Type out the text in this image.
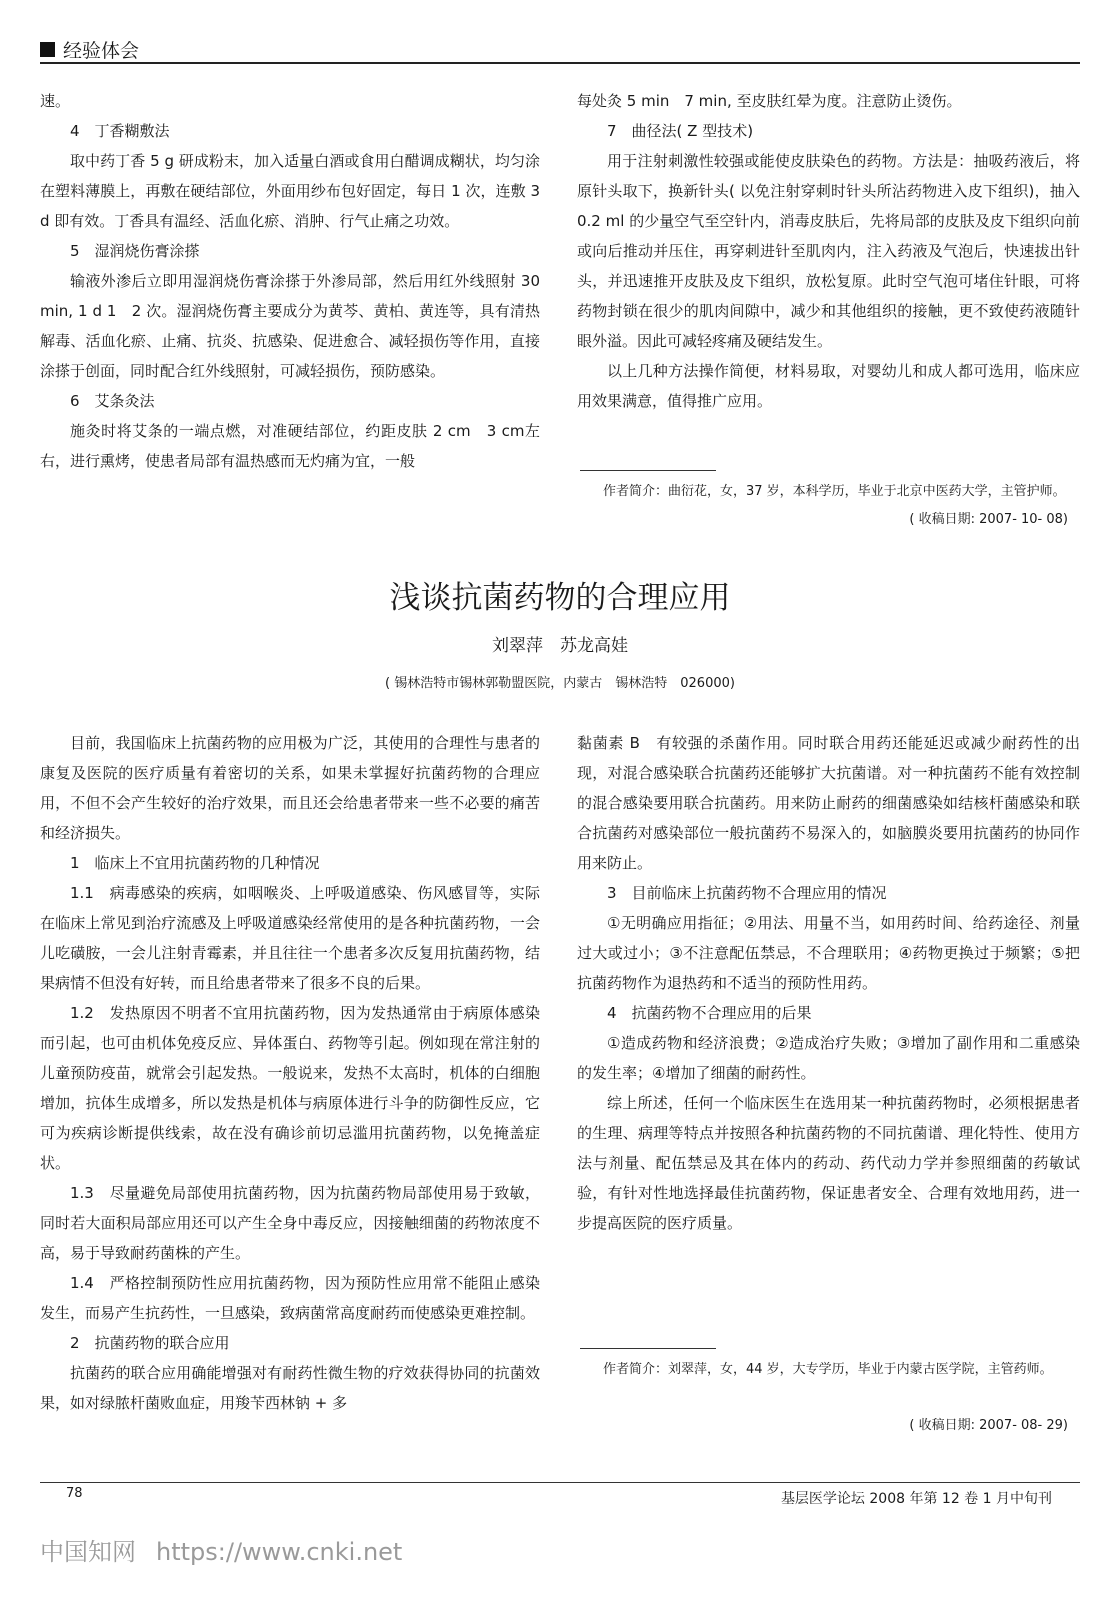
经验体会

速。

4　丁香糊敷法

取中药丁香 5 g 研成粉末，加入适量白酒或食用白醋调成糊状，均匀涂在塑料薄膜上，再敷在硬结部位，外面用纱布包好固定，每日 1 次，连敷 3 d 即有效。丁香具有温经、活血化瘀、消肿、行气止痛之功效。

5　湿润烧伤膏涂搽

输液外渗后立即用湿润烧伤膏涂搽于外渗局部，然后用红外线照射 30 min, 1 d 1　2 次。湿润烧伤膏主要成分为黄芩、黄柏、黄连等，具有清热解毒、活血化瘀、止痛、抗炎、抗感染、促进愈合、减轻损伤等作用，直接涂搽于创面，同时配合红外线照射，可减轻损伤，预防感染。

6　艾条灸法

施灸时将艾条的一端点燃，对准硬结部位，约距皮肤 2 cm　3 cm左右，进行熏烤，使患者局部有温热感而无灼痛为宜，一般

每处灸 5 min　7 min, 至皮肤红晕为度。注意防止烫伤。

7　曲径法( Z 型技术)

用于注射刺激性较强或能使皮肤染色的药物。方法是：抽吸药液后，将原针头取下，换新针头( 以免注射穿刺时针头所沾药物进入皮下组织)，抽入 0.2 ml 的少量空气至空针内，消毒皮肤后，先将局部的皮肤及皮下组织向前或向后推动并压住，再穿刺进针至肌肉内，注入药液及气泡后，快速拔出针头，并迅速推开皮肤及皮下组织，放松复原。此时空气泡可堵住针眼，可将药物封锁在很少的肌肉间隙中，减少和其他组织的接触，更不致使药液随针眼外溢。因此可减轻疼痛及硬结发生。

以上几种方法操作简便，材料易取，对婴幼儿和成人都可选用，临床应用效果满意，值得推广应用。

作者简介：曲衍花，女，37 岁，本科学历，毕业于北京中医药大学，主管护师。

( 收稿日期: 2007- 10- 08)
浅谈抗菌药物的合理应用
刘翠萍　苏龙高娃
( 锡林浩特市锡林郭勒盟医院，内蒙古　锡林浩特　026000)

目前，我国临床上抗菌药物的应用极为广泛，其使用的合理性与患者的康复及医院的医疗质量有着密切的关系，如果未掌握好抗菌药物的合理应用，不但不会产生较好的治疗效果，而且还会给患者带来一些不必要的痛苦和经济损失。

1　临床上不宜用抗菌药物的几种情况

1.1　病毒感染的疾病，如咽喉炎、上呼吸道感染、伤风感冒等，实际在临床上常见到治疗流感及上呼吸道感染经常使用的是各种抗菌药物，一会儿吃磺胺，一会儿注射青霉素，并且往往一个患者多次反复用抗菌药物，结果病情不但没有好转，而且给患者带来了很多不良的后果。

1.2　发热原因不明者不宜用抗菌药物，因为发热通常由于病原体感染而引起，也可由机体免疫反应、异体蛋白、药物等引起。例如现在常注射的儿童预防疫苗，就常会引起发热。一般说来，发热不太高时，机体的白细胞增加，抗体生成增多，所以发热是机体与病原体进行斗争的防御性反应，它可为疾病诊断提供线索，故在没有确诊前切忌滥用抗菌药物，以免掩盖症状。

1.3　尽量避免局部使用抗菌药物，因为抗菌药物局部使用易于致敏，同时若大面积局部应用还可以产生全身中毒反应，因接触细菌的药物浓度不高，易于导致耐药菌株的产生。

1.4　严格控制预防性应用抗菌药物，因为预防性应用常不能阻止感染发生，而易产生抗药性，一旦感染，致病菌常高度耐药而使感染更难控制。

2　抗菌药物的联合应用

抗菌药的联合应用确能增强对有耐药性微生物的疗效获得协同的抗菌效果，如对绿脓杆菌败血症，用羧苄西林钠 + 多

黏菌素 B　有较强的杀菌作用。同时联合用药还能延迟或减少耐药性的出现，对混合感染联合抗菌药还能够扩大抗菌谱。对一种抗菌药不能有效控制的混合感染要用联合抗菌药。用来防止耐药的细菌感染如结核杆菌感染和联合抗菌药对感染部位一般抗菌药不易深入的，如脑膜炎要用抗菌药的协同作用来防止。

3　目前临床上抗菌药物不合理应用的情况

①无明确应用指征；②用法、用量不当，如用药时间、给药途径、剂量过大或过小；③不注意配伍禁忌，不合理联用；④药物更换过于频繁；⑤把抗菌药物作为退热药和不适当的预防性用药。

4　抗菌药物不合理应用的后果

①造成药物和经济浪费；②造成治疗失败；③增加了副作用和二重感染的发生率；④增加了细菌的耐药性。

综上所述，任何一个临床医生在选用某一种抗菌药物时，必须根据患者的生理、病理等特点并按照各种抗菌药物的不同抗菌谱、理化特性、使用方法与剂量、配伍禁忌及其在体内的药动、药代动力学并参照细菌的药敏试验，有针对性地选择最佳抗菌药物，保证患者安全、合理有效地用药，进一步提高医院的医疗质量。

作者简介：刘翠萍，女，44 岁，大专学历，毕业于内蒙古医学院，主管药师。

( 收稿日期: 2007- 08- 29)
78	基层医学论坛 2008 年第 12 卷 1 月中旬刊
中国知网 https://www.cnki.net
